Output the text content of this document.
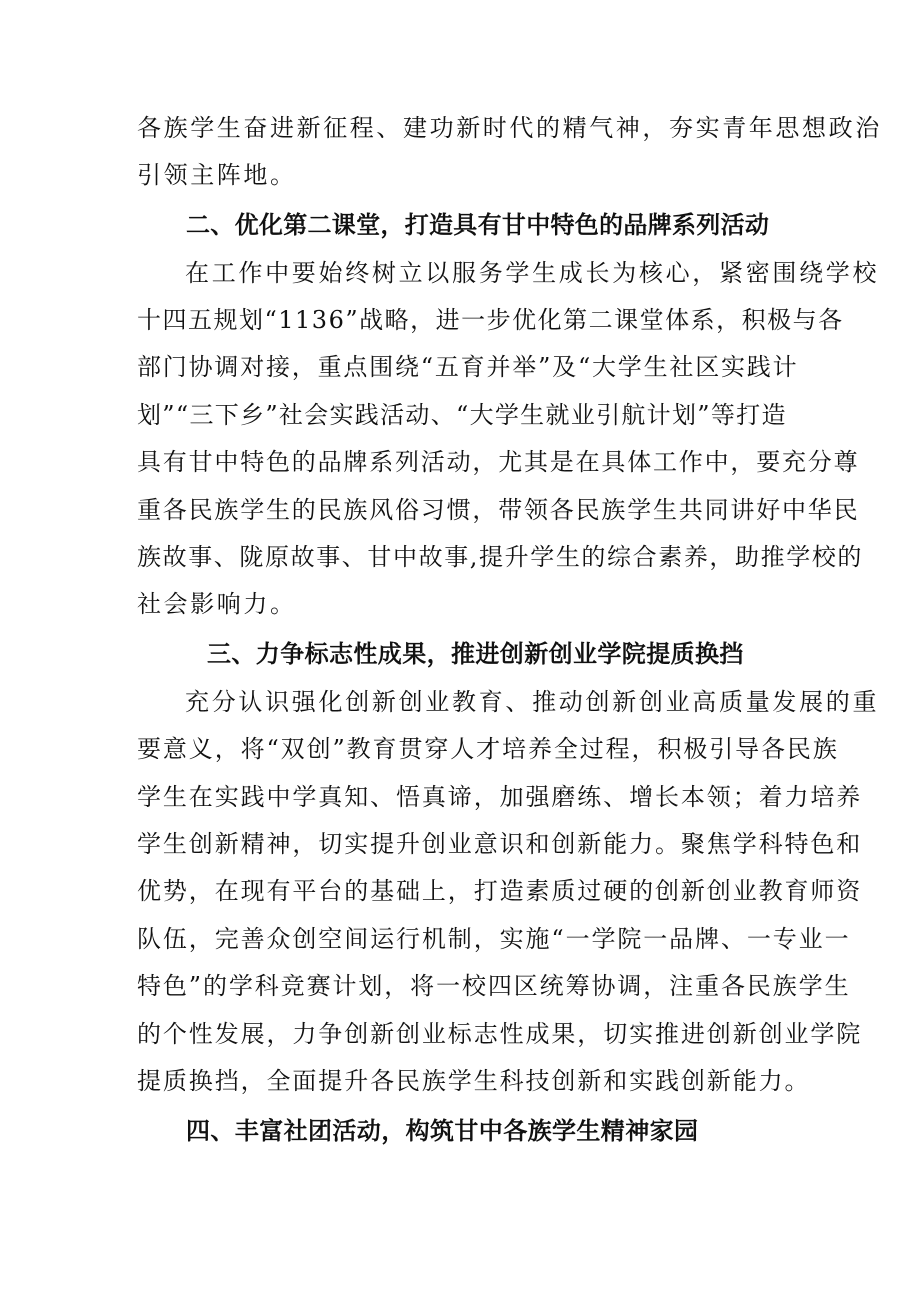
各族学生奋进新征程、建功新时代的精气神，夯实青年思想政治
引领主阵地。
二、优化第二课堂，打造具有甘中特色的品牌系列活动
在工作中要始终树立以服务学生成长为核心，紧密围绕学校
十四五规划“1136”战略，进一步优化第二课堂体系，积极与各
部门协调对接，重点围绕“五育并举”及“大学生社区实践计
划”“三下乡”社会实践活动、“大学生就业引航计划”等打造
具有甘中特色的品牌系列活动，尤其是在具体工作中，要充分尊
重各民族学生的民族风俗习惯，带领各民族学生共同讲好中华民
族故事、陇原故事、甘中故事,提升学生的综合素养，助推学校的
社会影响力。
三、力争标志性成果，推进创新创业学院提质换挡
充分认识强化创新创业教育、推动创新创业高质量发展的重
要意义，将“双创”教育贯穿人才培养全过程，积极引导各民族
学生在实践中学真知、悟真谛，加强磨练、增长本领；着力培养
学生创新精神，切实提升创业意识和创新能力。聚焦学科特色和
优势，在现有平台的基础上，打造素质过硬的创新创业教育师资
队伍，完善众创空间运行机制，实施“一学院一品牌、一专业一
特色”的学科竞赛计划，将一校四区统筹协调，注重各民族学生
的个性发展，力争创新创业标志性成果，切实推进创新创业学院
提质换挡，全面提升各民族学生科技创新和实践创新能力。
四、丰富社团活动，构筑甘中各族学生精神家园
